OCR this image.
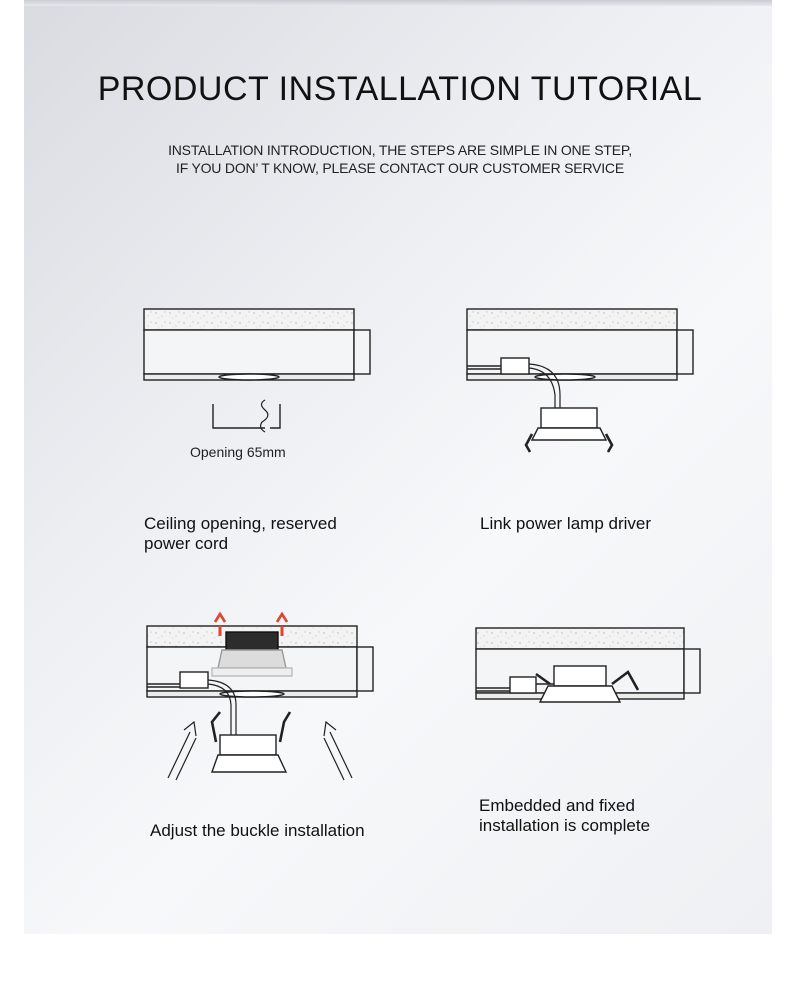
PRODUCT INSTALLATION TUTORIAL
INSTALLATION INTRODUCTION, THE STEPS ARE SIMPLE IN ONE STEP,
IF YOU DON’ T KNOW, PLEASE CONTACT OUR CUSTOMER SERVICE
Opening 65mm
Ceiling opening, reserved
power cord
Link power lamp driver
Adjust the buckle installation
Embedded and fixed
installation is complete
